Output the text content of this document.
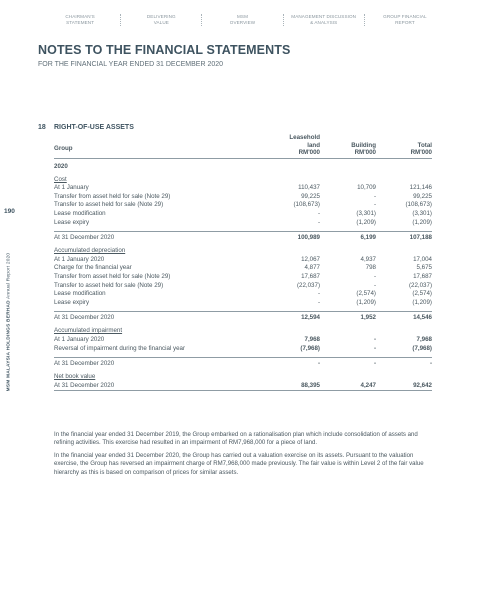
CHAIRMAN'S
STATEMENT
DELIVERING
VALUE
MSM
OVERVIEW
MANAGEMENT DISCUSSION
& ANALYSIS
GROUP FINANCIAL
REPORT
NOTES TO THE FINANCIAL STATEMENTS
FOR THE FINANCIAL YEAR ENDED 31 DECEMBER 2020
190
MSM MALAYSIA HOLDINGS BERHAD Annual Report 2020
18 RIGHT-OF-USE ASSETS
Group
Leasehold
land
RM'000
Building
RM'000
Total
RM'000
2020
Cost
At 1 January	110,437	10,709	121,146
Transfer from asset held for sale (Note 29)	99,225	-	99,225
Transfer to asset held for sale (Note 29)	(108,673)	-	(108,673)
Lease modification	-	(3,301)	(3,301)
Lease expiry	-	(1,209)	(1,209)
At 31 December 2020	100,989	6,199	107,188
Accumulated depreciation
At 1 January 2020	12,067	4,937	17,004
Charge for the financial year	4,877	798	5,675
Transfer from asset held for sale (Note 29)	17,687	-	17,687
Transfer to asset held for sale (Note 29)	(22,037)	-	(22,037)
Lease modification	-	(2,574)	(2,574)
Lease expiry	-	(1,209)	(1,209)
At 31 December 2020	12,594	1,952	14,546
Accumulated impairment
At 1 January 2020	7,968	-	7,968
Reversal of impairment during the financial year	(7,968)	-	(7,968)
At 31 December 2020	-	-	-
Net book value
At 31 December 2020	88,395	4,247	92,642

In the financial year ended 31 December 2019, the Group embarked on a rationalisation plan which include consolidation of assets and refining activities. This exercise had resulted in an impairment of RM7,968,000 for a piece of land.

In the financial year ended 31 December 2020, the Group has carried out a valuation exercise on its assets. Pursuant to the valuation exercise, the Group has reversed an impairment charge of RM7,968,000 made previously. The fair value is within Level 2 of the fair value hierarchy as this is based on comparison of prices for similar assets.
